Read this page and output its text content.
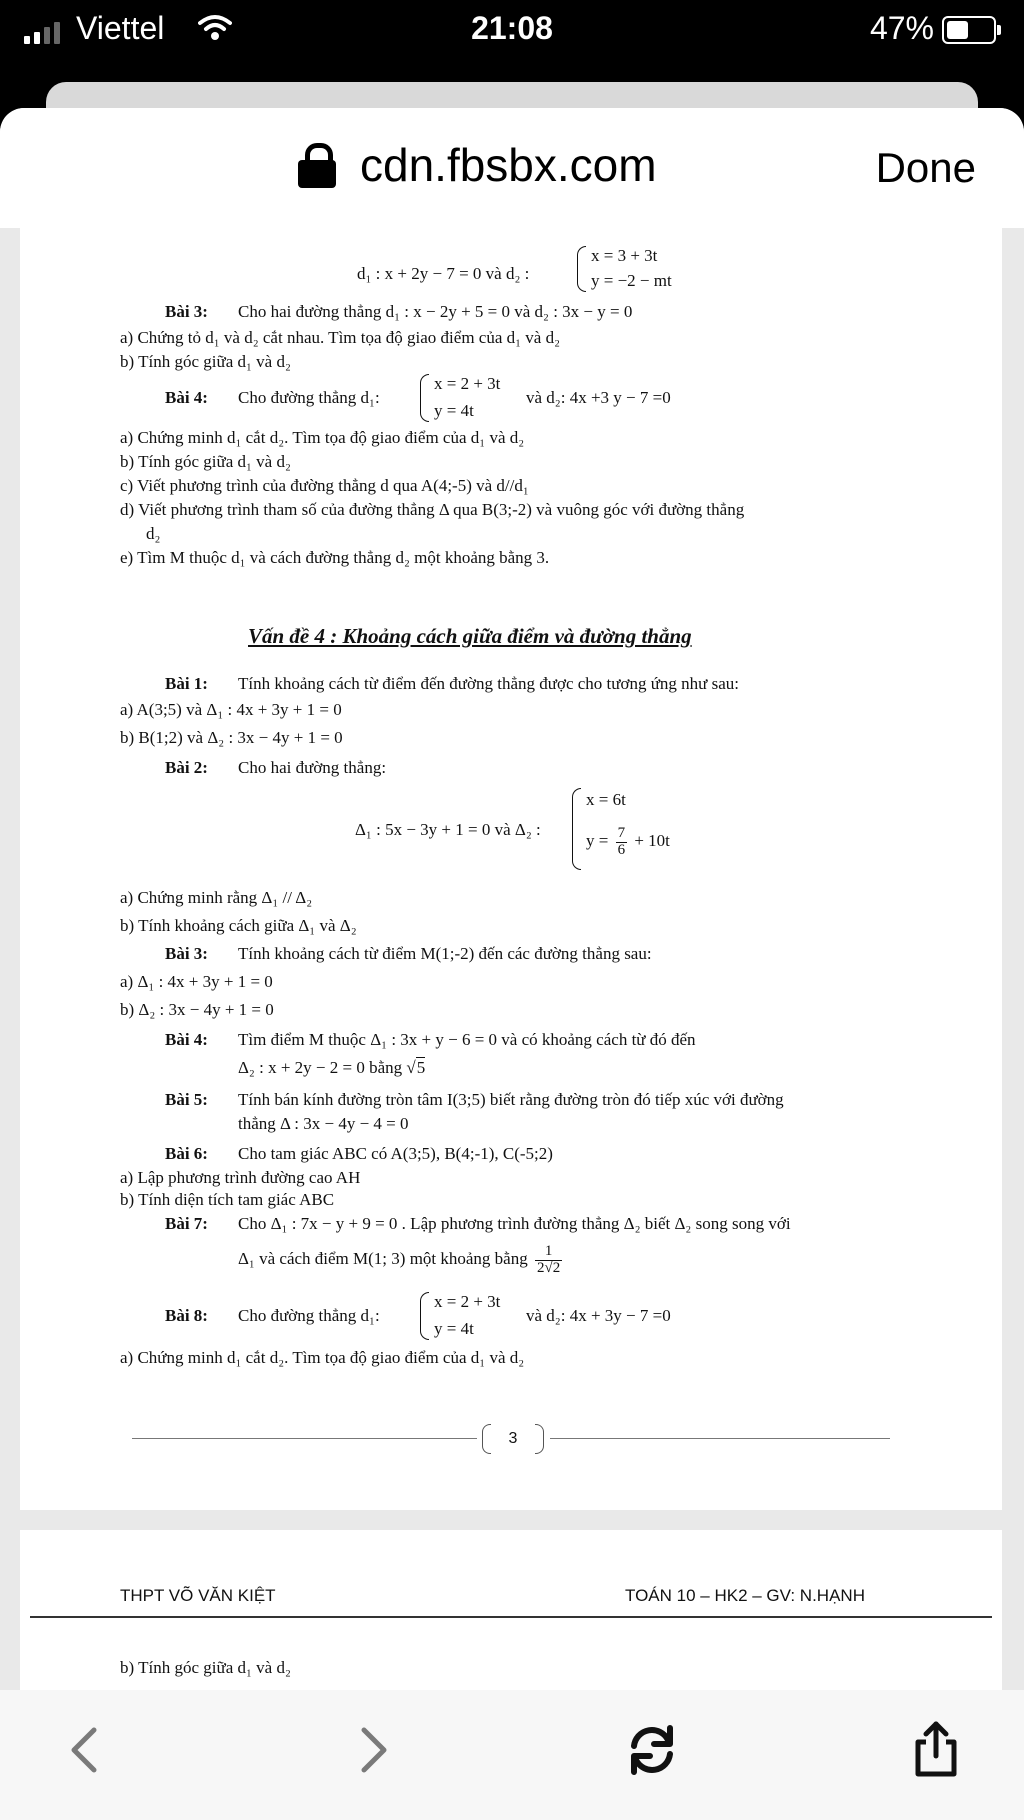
Viettel	21:08	47%
cdn.fbsbx.com	Done
d₁ : x + 2y − 7 = 0 và d₂ :
x = 3 + 3t
y = −2 − mt
Bài 3: Cho hai đường thẳng d₁ : x − 2y + 5 = 0 và d₂ : 3x − y = 0
a) Chứng tỏ d₁ và d₂ cắt nhau. Tìm tọa độ giao điểm của d₁ và d₂
b) Tính góc giữa d₁ và d₂
Bài 4: Cho đường thẳng d₁:
x = 2 + 3t
y = 4t
và d₂: 4x +3 y − 7 =0
a) Chứng minh d₁ cắt d₂. Tìm tọa độ giao điểm của d₁ và d₂
b) Tính góc giữa d₁ và d₂
c) Viết phương trình của đường thẳng d qua A(4;-5) và d//d₁
d) Viết phương trình tham số của đường thẳng Δ qua B(3;-2) và vuông góc với đường thẳng
d₂
e) Tìm M thuộc d₁ và cách đường thẳng d₂ một khoảng bằng 3.
Vấn đề 4 : Khoảng cách giữa điểm và đường thẳng
Bài 1: Tính khoảng cách từ điểm đến đường thẳng được cho tương ứng như sau:
a) A(3;5) và Δ₁ : 4x + 3y + 1 = 0
b) B(1;2) và Δ₂ : 3x − 4y + 1 = 0
Bài 2: Cho hai đường thẳng:
Δ₁ : 5x − 3y + 1 = 0 và Δ₂ :
x = 6t
$y = \frac{7}{6} + 10t$
a) Chứng minh rằng Δ₁ // Δ₂
b) Tính khoảng cách giữa Δ₁ và Δ₂
Bài 3: Tính khoảng cách từ điểm M(1;-2) đến các đường thẳng sau:
a) Δ₁ : 4x + 3y + 1 = 0
b) Δ₂ : 3x − 4y + 1 = 0
Bài 4: Tìm điểm M thuộc Δ₁ : 3x + y − 6 = 0 và có khoảng cách từ đó đến
Δ₂ : x + 2y − 2 = 0 bằng √5
Bài 5: Tính bán kính đường tròn tâm I(3;5) biết rằng đường tròn đó tiếp xúc với đường
thẳng Δ : 3x − 4y − 4 = 0
Bài 6: Cho tam giác ABC có A(3;5), B(4;-1), C(-5;2)
a) Lập phương trình đường cao AH
b) Tính diện tích tam giác ABC
Bài 7: Cho Δ₁ : 7x − y + 9 = 0 . Lập phương trình đường thẳng Δ₂ biết Δ₂ song song với
Δ₁ và cách điểm M(1; 3) một khoảng bằng $\frac{1}{2√2}$
Bài 8: Cho đường thẳng d₁:
x = 2 + 3t
y = 4t
và d₂: 4x + 3y − 7 =0
a) Chứng minh d₁ cắt d₂. Tìm tọa độ giao điểm của d₁ và d₂
3
THPT VÕ VĂN KIỆT	TOÁN 10 – HK2 – GV: N.HẠNH
b) Tính góc giữa d₁ và d₂
